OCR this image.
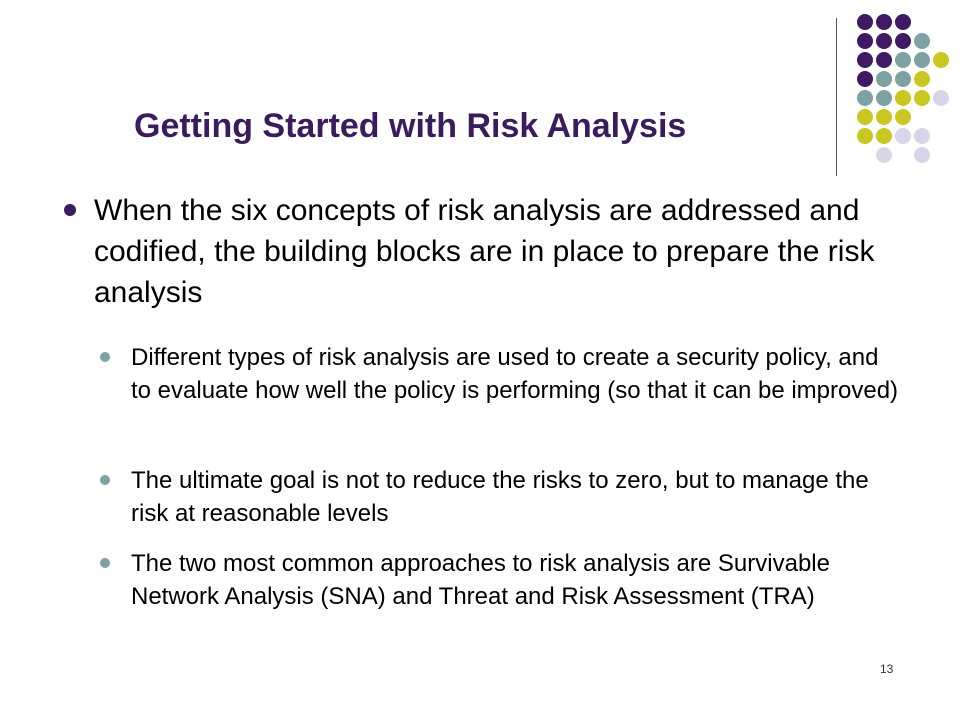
Getting Started with Risk Analysis
When the six concepts of risk analysis are addressed and codified, the building blocks are in place to prepare the risk analysis
Different types of risk analysis are used to create a security policy, and to evaluate how well the policy is performing (so that it can be improved)
The ultimate goal is not to reduce the risks to zero, but to manage the risk at reasonable levels
The two most common approaches to risk analysis are Survivable Network Analysis (SNA) and Threat and Risk Assessment (TRA)
13
